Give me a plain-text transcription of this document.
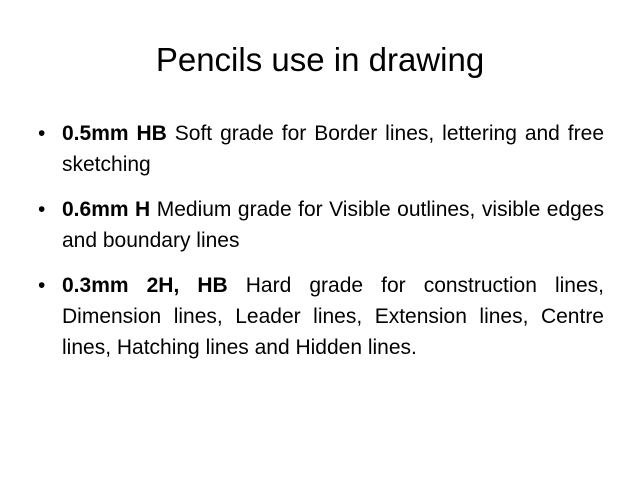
Pencils use in drawing
• 0.5mm HB Soft grade for Border lines, lettering and free sketching
• 0.6mm H Medium grade for Visible outlines, visible edges and boundary lines
• 0.3mm 2H, HB Hard grade for construction lines, Dimension lines, Leader lines, Extension lines, Centre lines, Hatching lines and Hidden lines.
